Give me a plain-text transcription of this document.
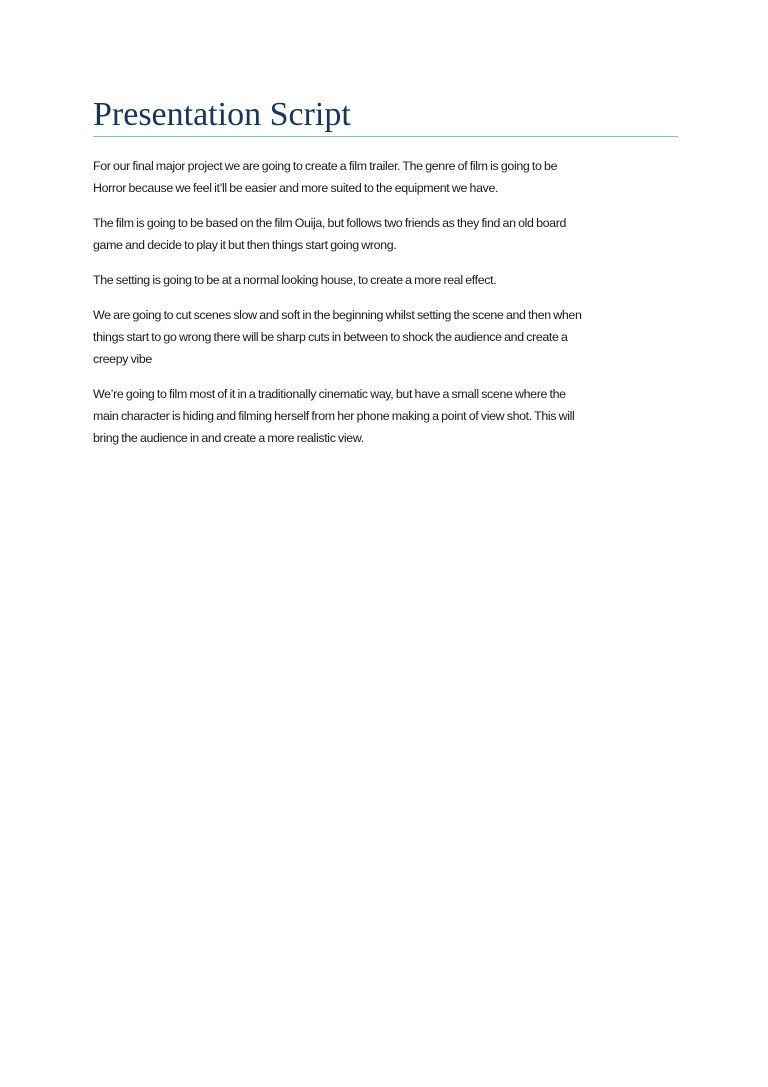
Presentation Script

For our final major project we are going to create a film trailer. The genre of film is going to be
Horror because we feel it’ll be easier and more suited to the equipment we have.

The film is going to be based on the film Ouija, but follows two friends as they find an old board
game and decide to play it but then things start going wrong.

The setting is going to be at a normal looking house, to create a more real effect.

We are going to cut scenes slow and soft in the beginning whilst setting the scene and then when
things start to go wrong there will be sharp cuts in between to shock the audience and create a
creepy vibe

We’re going to film most of it in a traditionally cinematic way, but have a small scene where the
main character is hiding and filming herself from her phone making a point of view shot. This will
bring the audience in and create a more realistic view.
